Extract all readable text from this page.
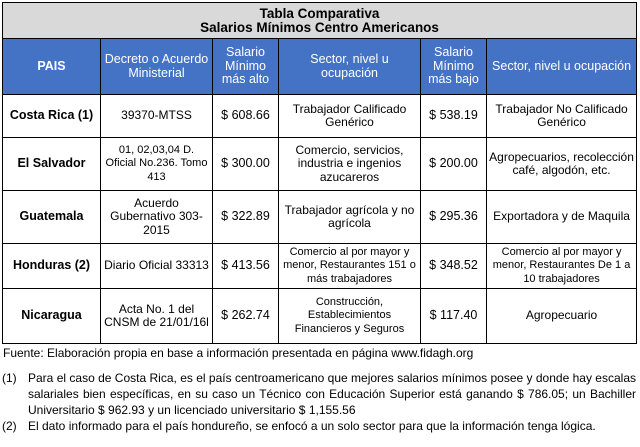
Tabla Comparativa
Salarios Mínimos Centro Americanos					

PAIS	Decreto o Acuerdo Ministerial	Salario Mínimo más alto	Sector, nivel u ocupación	Salario Mínimo más bajo	Sector, nivel u ocupación
Costa Rica (1)	39370-MTSS	$ 608.66	Trabajador Calificado Genérico	$ 538.19	Trabajador No Calificado Genérico
El Salvador	01, 02,03,04 D. Oficial No.236. Tomo 413	$ 300.00	Comercio, servicios, industria e ingenios azucareros	$ 200.00	Agropecuarios, recolección café, algodón, etc.
Guatemala	Acuerdo Gubernativo 303-2015	$ 322.89	Trabajador agrícola y no agrícola	$ 295.36	Exportadora y de Maquila
Honduras (2)	Diario Oficial 33313	$ 413.56	Comercio al por mayor y menor, Restaurantes 151 o más trabajadores	$ 348.52	Comercio al por mayor y menor, Restaurantes De 1 a 10 trabajadores
Nicaragua	Acta No. 1 del CNSM de 21/01/16l	$ 262.74	Construcción, Establecimientos Financieros y Seguros	$ 117.40	Agropecuario
Fuente: Elaboración propia en base a información presentada en página www.fidagh.org
(1) Para el caso de Costa Rica, es el país centroamericano que mejores salarios mínimos posee y donde hay escalas salariales bien específicas, en su caso un Técnico con Educación Superior está ganando $ 786.05; un Bachiller Universitario $ 962.93 y un licenciado universitario $ 1,155.56
(2) El dato informado para el país hondureño, se enfocó a un solo sector para que la información tenga lógica.
